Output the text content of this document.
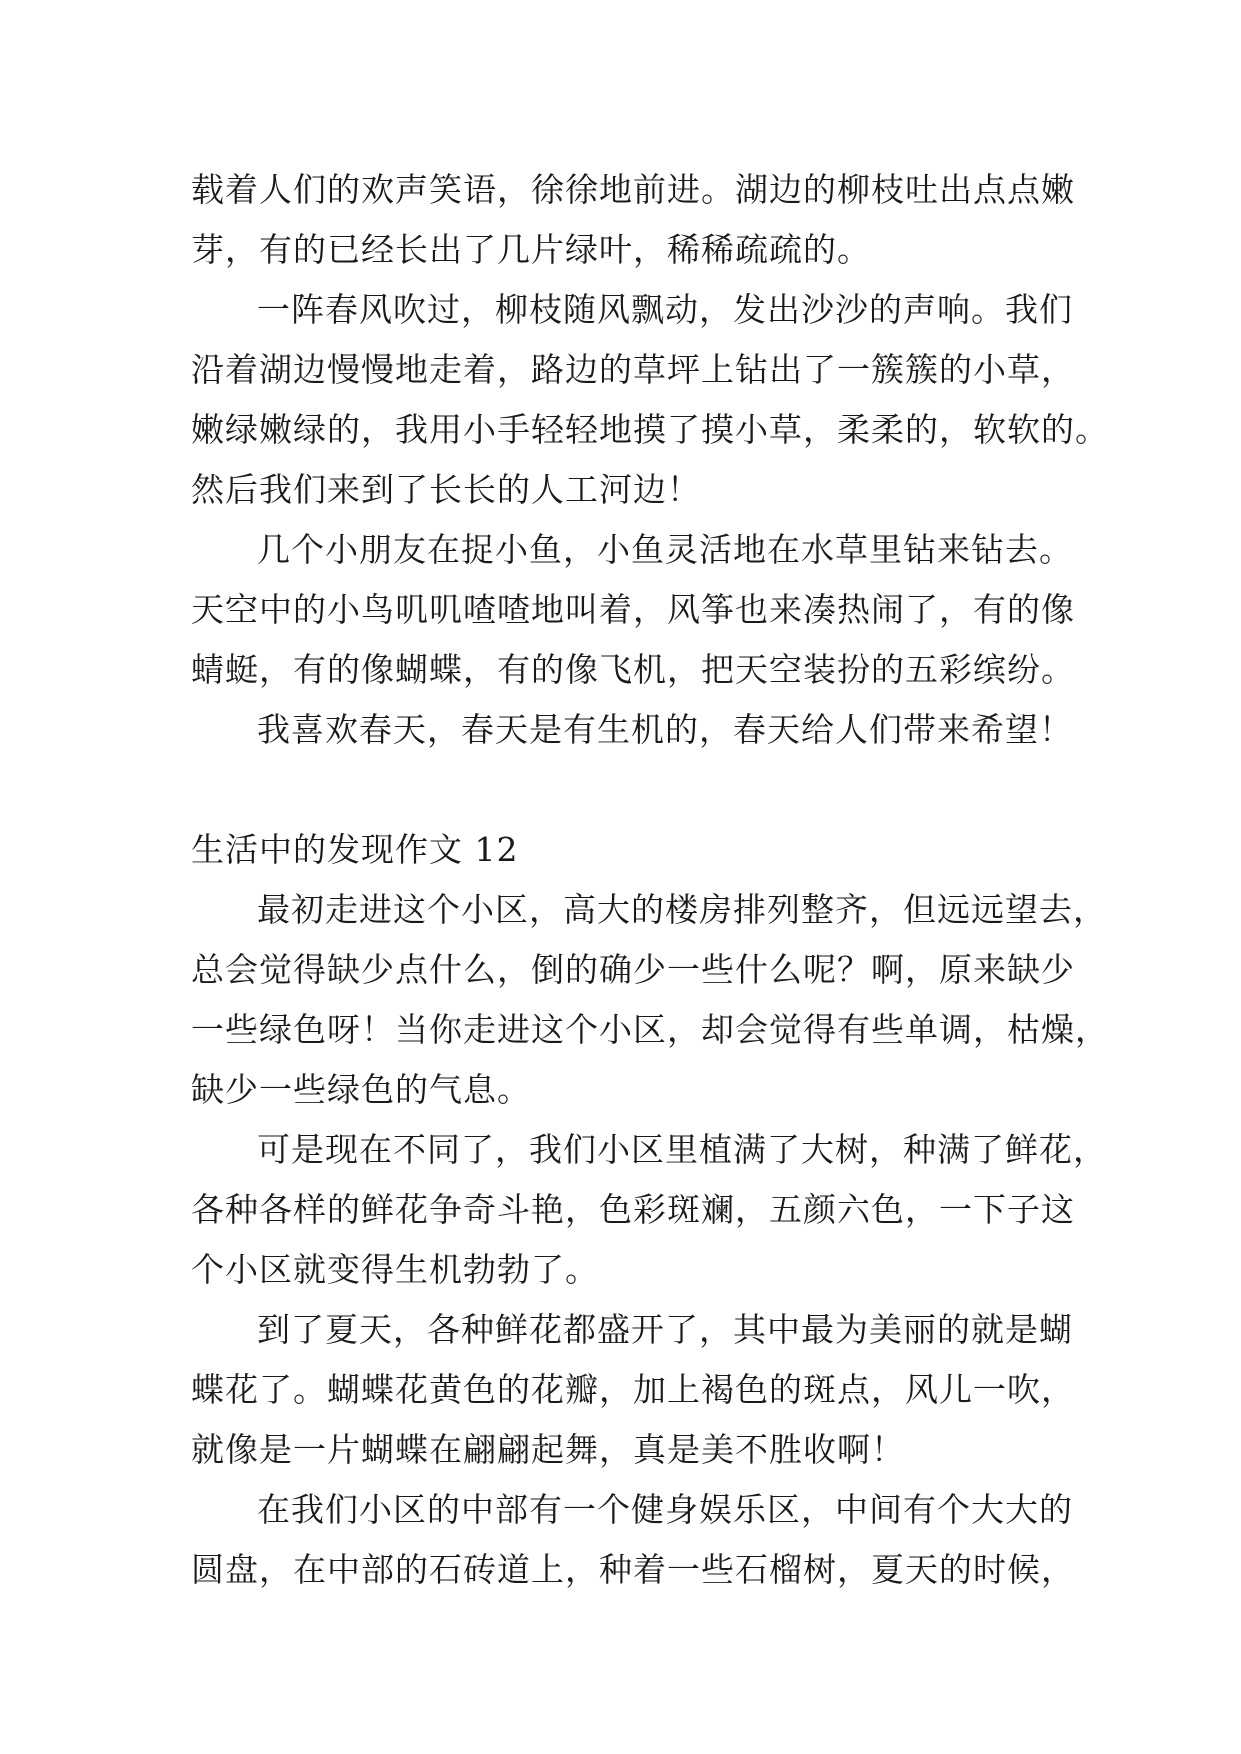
载着人们的欢声笑语，徐徐地前进。湖边的柳枝吐出点点嫩
芽，有的已经长出了几片绿叶，稀稀疏疏的。
一阵春风吹过，柳枝随风飘动，发出沙沙的声响。我们
沿着湖边慢慢地走着，路边的草坪上钻出了一簇簇的小草，
嫩绿嫩绿的，我用小手轻轻地摸了摸小草，柔柔的，软软的。
然后我们来到了长长的人工河边！
几个小朋友在捉小鱼，小鱼灵活地在水草里钻来钻去。
天空中的小鸟叽叽喳喳地叫着，风筝也来凑热闹了，有的像
蜻蜓，有的像蝴蝶，有的像飞机，把天空装扮的五彩缤纷。
我喜欢春天，春天是有生机的，春天给人们带来希望！
生活中的发现作文 12
最初走进这个小区，高大的楼房排列整齐，但远远望去，
总会觉得缺少点什么，倒的确少一些什么呢？啊，原来缺少
一些绿色呀！当你走进这个小区，却会觉得有些单调，枯燥，
缺少一些绿色的气息。
可是现在不同了，我们小区里植满了大树，种满了鲜花，
各种各样的鲜花争奇斗艳，色彩斑斓，五颜六色，一下子这
个小区就变得生机勃勃了。
到了夏天，各种鲜花都盛开了，其中最为美丽的就是蝴
蝶花了。蝴蝶花黄色的花瓣，加上褐色的斑点，风儿一吹，
就像是一片蝴蝶在翩翩起舞，真是美不胜收啊！
在我们小区的中部有一个健身娱乐区，中间有个大大的
圆盘，在中部的石砖道上，种着一些石榴树，夏天的时候，
